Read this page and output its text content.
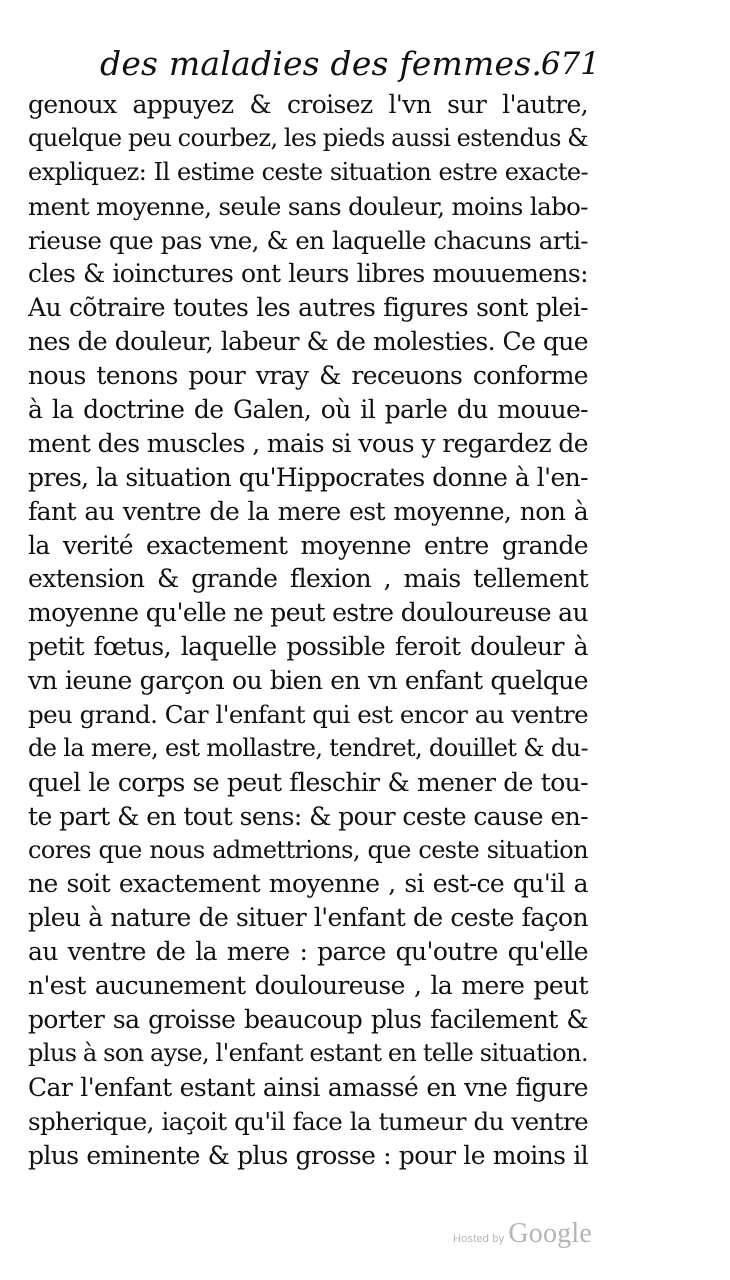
des maladies des femmes.
671
genoux appuyez & croisez l'vn sur l'autre,
quelque peu courbez, les pieds aussi estendus &
expliquez: Il estime ceste situation estre exacte-
ment moyenne, seule sans douleur, moins labo-
rieuse que pas vne, & en laquelle chacuns arti-
cles & ioinctures ont leurs libres mouuemens:
Au cõtraire toutes les autres figures sont plei-
nes de douleur, labeur & de molesties. Ce que
nous tenons pour vray & receuons conforme
à la doctrine de Galen, où il parle du mouue-
ment des muscles , mais si vous y regardez de
pres, la situation qu'Hippocrates donne à l'en-
fant au ventre de la mere est moyenne, non à
la verité exactement moyenne entre grande
extension & grande flexion , mais tellement
moyenne qu'elle ne peut estre douloureuse au
petit fœtus, laquelle possible feroit douleur à
vn ieune garçon ou bien en vn enfant quelque
peu grand. Car l'enfant qui est encor au ventre
de la mere, est mollastre, tendret, douillet & du-
quel le corps se peut fleschir & mener de tou-
te part & en tout sens: & pour ceste cause en-
cores que nous admettrions, que ceste situation
ne soit exactement moyenne , si est-ce qu'il a
pleu à nature de situer l'enfant de ceste façon
au ventre de la mere : parce qu'outre qu'elle
n'est aucunement douloureuse , la mere peut
porter sa groisse beaucoup plus facilement &
plus à son ayse, l'enfant estant en telle situation.
Car l'enfant estant ainsi amassé en vne figure
spherique, iaçoit qu'il face la tumeur du ventre
plus eminente & plus grosse : pour le moins il
Hosted by Google
